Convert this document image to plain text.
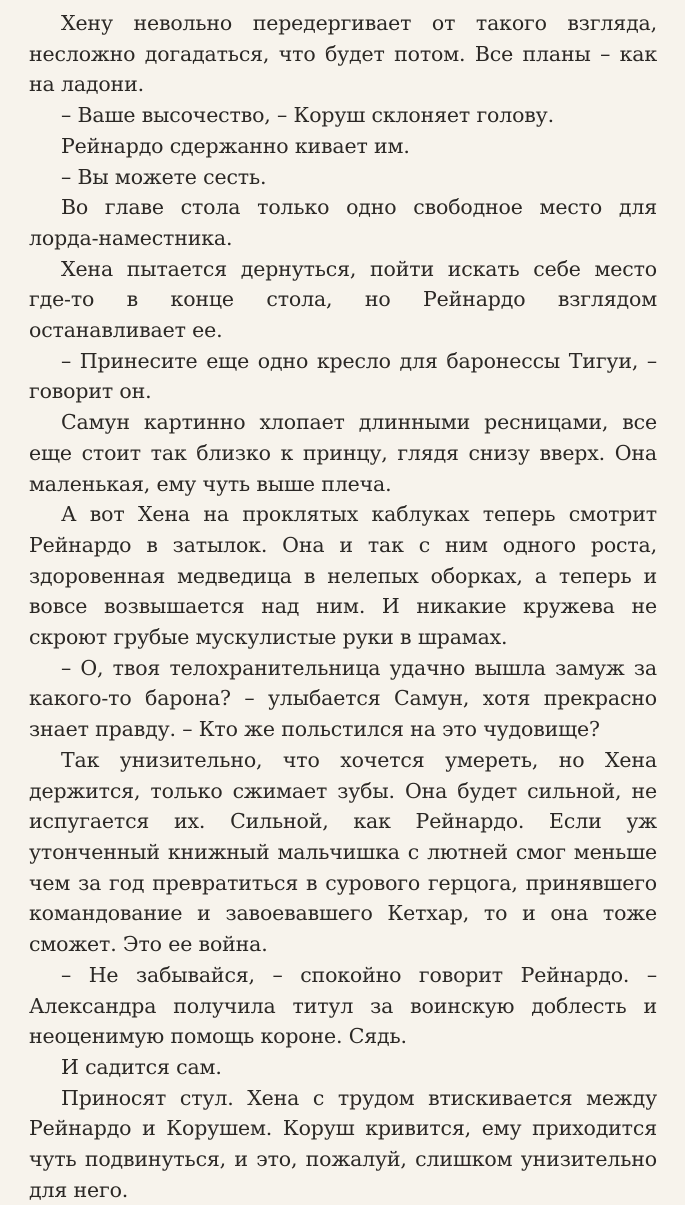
Хену невольно передергивает от такого взгляда, несложно догадаться, что будет потом. Все планы – как на ладони.

– Ваше высочество, – Коруш склоняет голову.

Рейнардо сдержанно кивает им.

– Вы можете сесть.

Во главе стола только одно свободное место для лорда-наместника.

Хена пытается дернуться, пойти искать себе место где-то в конце стола, но Рейнардо взглядом останавливает ее.

– Принесите еще одно кресло для баронессы Тигуи, – говорит он.

Самун картинно хлопает длинными ресницами, все еще стоит так близко к принцу, глядя снизу вверх. Она маленькая, ему чуть выше плеча.

А вот Хена на проклятых каблуках теперь смотрит Рейнардо в затылок. Она и так с ним одного роста, здоровенная медведица в нелепых оборках, а теперь и вовсе возвышается над ним. И никакие кружева не скроют грубые мускулистые руки в шрамах.

– О, твоя телохранительница удачно вышла замуж за какого-то барона? – улыбается Самун, хотя прекрасно знает правду. – Кто же польстился на это чудовище?

Так унизительно, что хочется умереть, но Хена держится, только сжимает зубы. Она будет сильной, не испугается их. Сильной, как Рейнардо. Если уж утонченный книжный мальчишка с лютней смог меньше чем за год превратиться в сурового герцога, принявшего командование и завоевавшего Кетхар, то и она тоже сможет. Это ее война.

– Не забывайся, – спокойно говорит Рейнардо. – Александра получила титул за воинскую доблесть и неоценимую помощь короне. Сядь.

И садится сам.

Приносят стул. Хена с трудом втискивается между Рейнардо и Корушем. Коруш кривится, ему приходится чуть подвинуться, и это, пожалуй, слишком унизительно для него.
